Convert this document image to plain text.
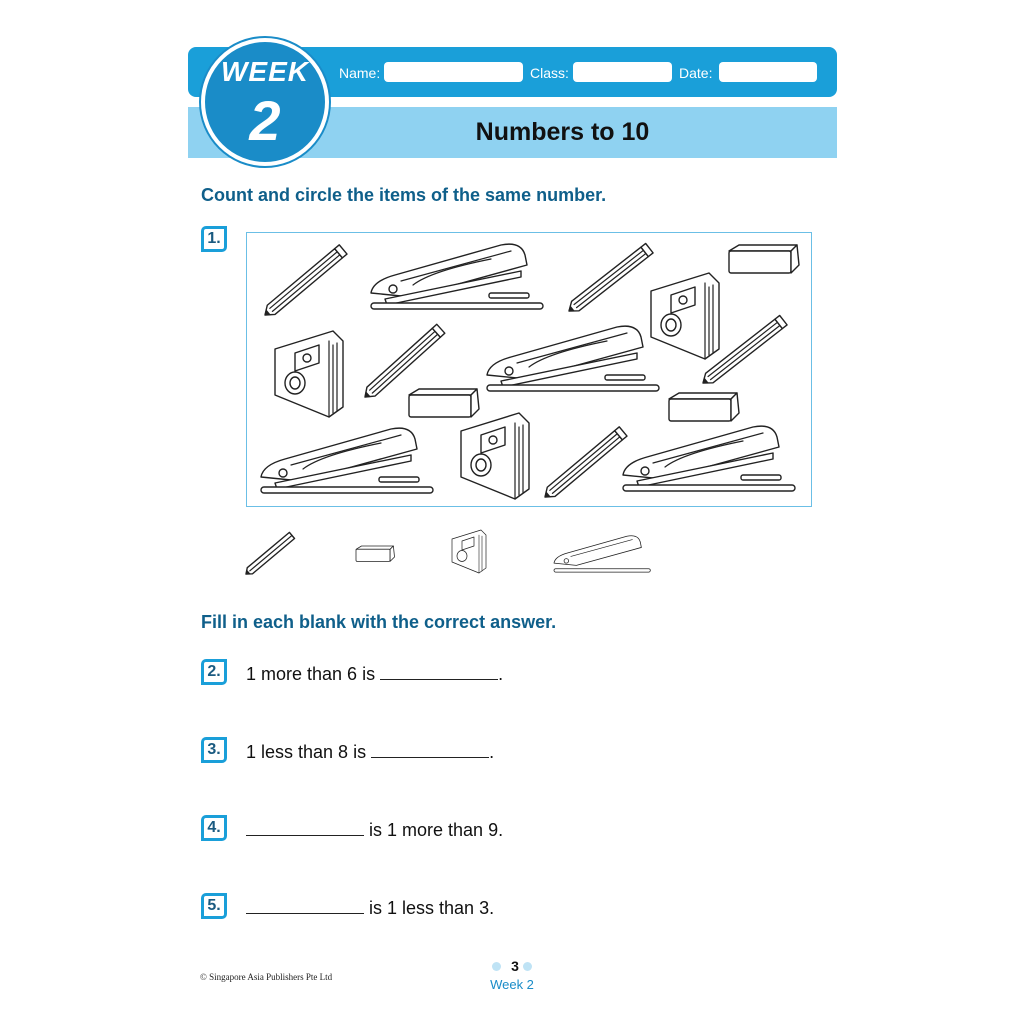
Name:	Class:	Date:
WEEK
2	Numbers to 10
Count and circle the items of the same number.
1.
Fill in each blank with the correct answer.
2.	1 more than 6 is	.
3.	1 less than 8 is	.
4.	is 1 more than 9.
5.	is 1 less than 3.
© Singapore Asia Publishers Pte Ltd
3
Week 2
